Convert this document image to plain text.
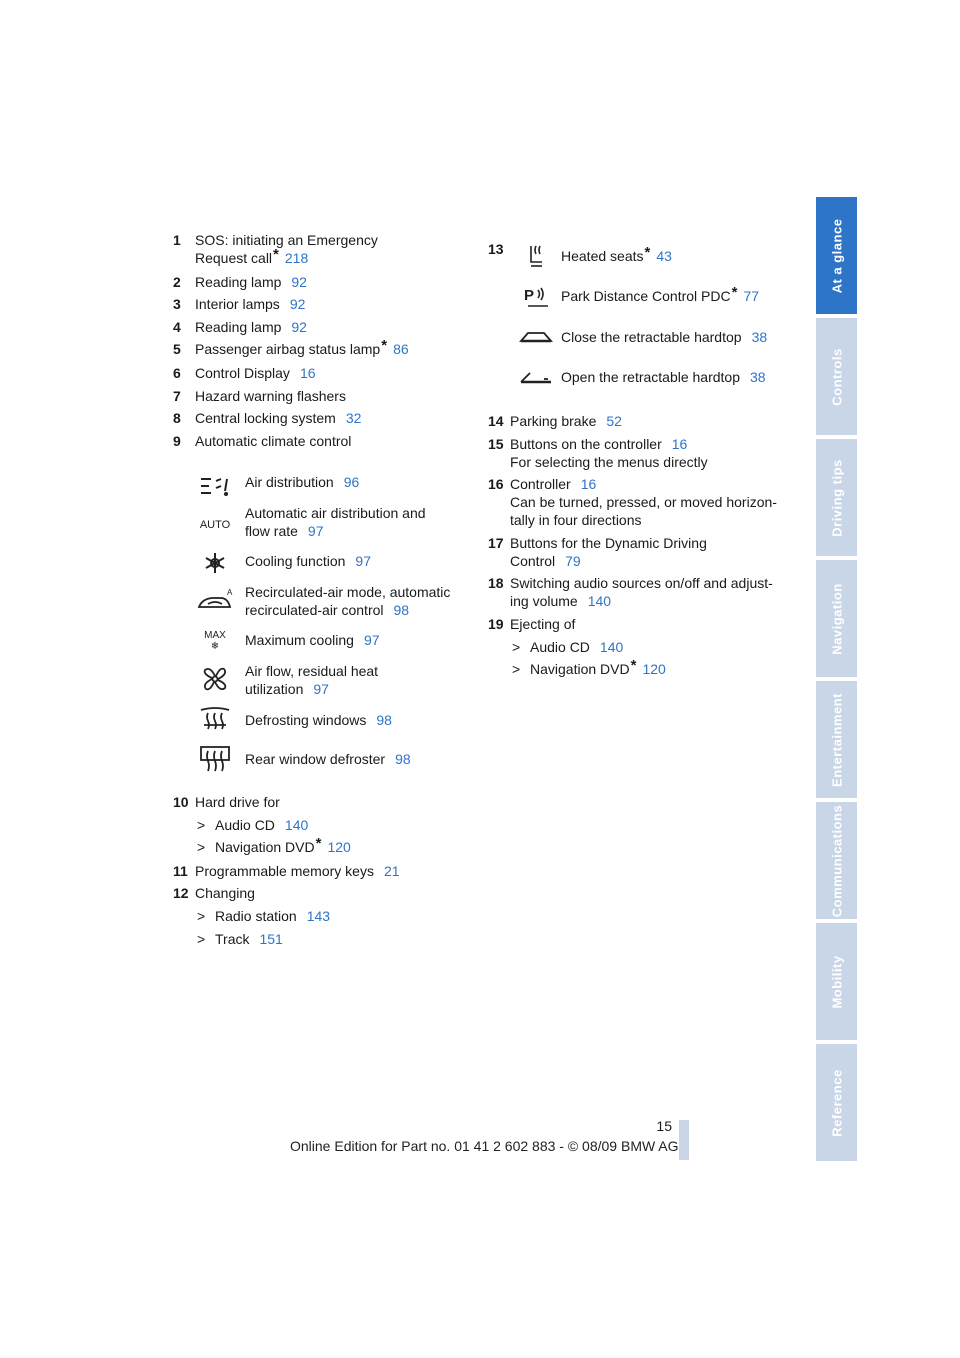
1 SOS: initiating an Emergency
Request call* 218
2 Reading lamp 92
3 Interior lamps 92
4 Reading lamp 92
5 Passenger airbag status lamp* 86
6 Control Display 16
7 Hazard warning flashers
8 Central locking system 32
9 Automatic climate control
Air distribution 96
AUTO
Automatic air distribution and
flow rate 97
Cooling function 97
A Recirculated-air mode, automatic
recirculated-air control 98
MAX
❄ Maximum cooling 97
Air flow, residual heat
utilization 97
Defrosting windows 98
Rear window defroster 98
10 Hard drive for
> Audio CD 140
> Navigation DVD* 120
11 Programmable memory keys 21
12 Changing
> Radio station 143
> Track 151
13	Heated seats* 43
P Park Distance Control PDC* 77
Close the retractable hardtop 38
Open the retractable hardtop 38
14 Parking brake 52
15 Buttons on the controller 16
For selecting the menus directly
16 Controller 16
Can be turned, pressed, or moved horizon-
tally in four directions
17 Buttons for the Dynamic Driving
Control 79
18 Switching audio sources on/off and adjust-
ing volume 140
19 Ejecting of
> Audio CD 140
> Navigation DVD* 120
At a glance
Controls
Driving tips
Navigation
Entertainment
Communications
Mobility
Reference
15
Online Edition for Part no. 01 41 2 602 883 - © 08/09 BMW AG
